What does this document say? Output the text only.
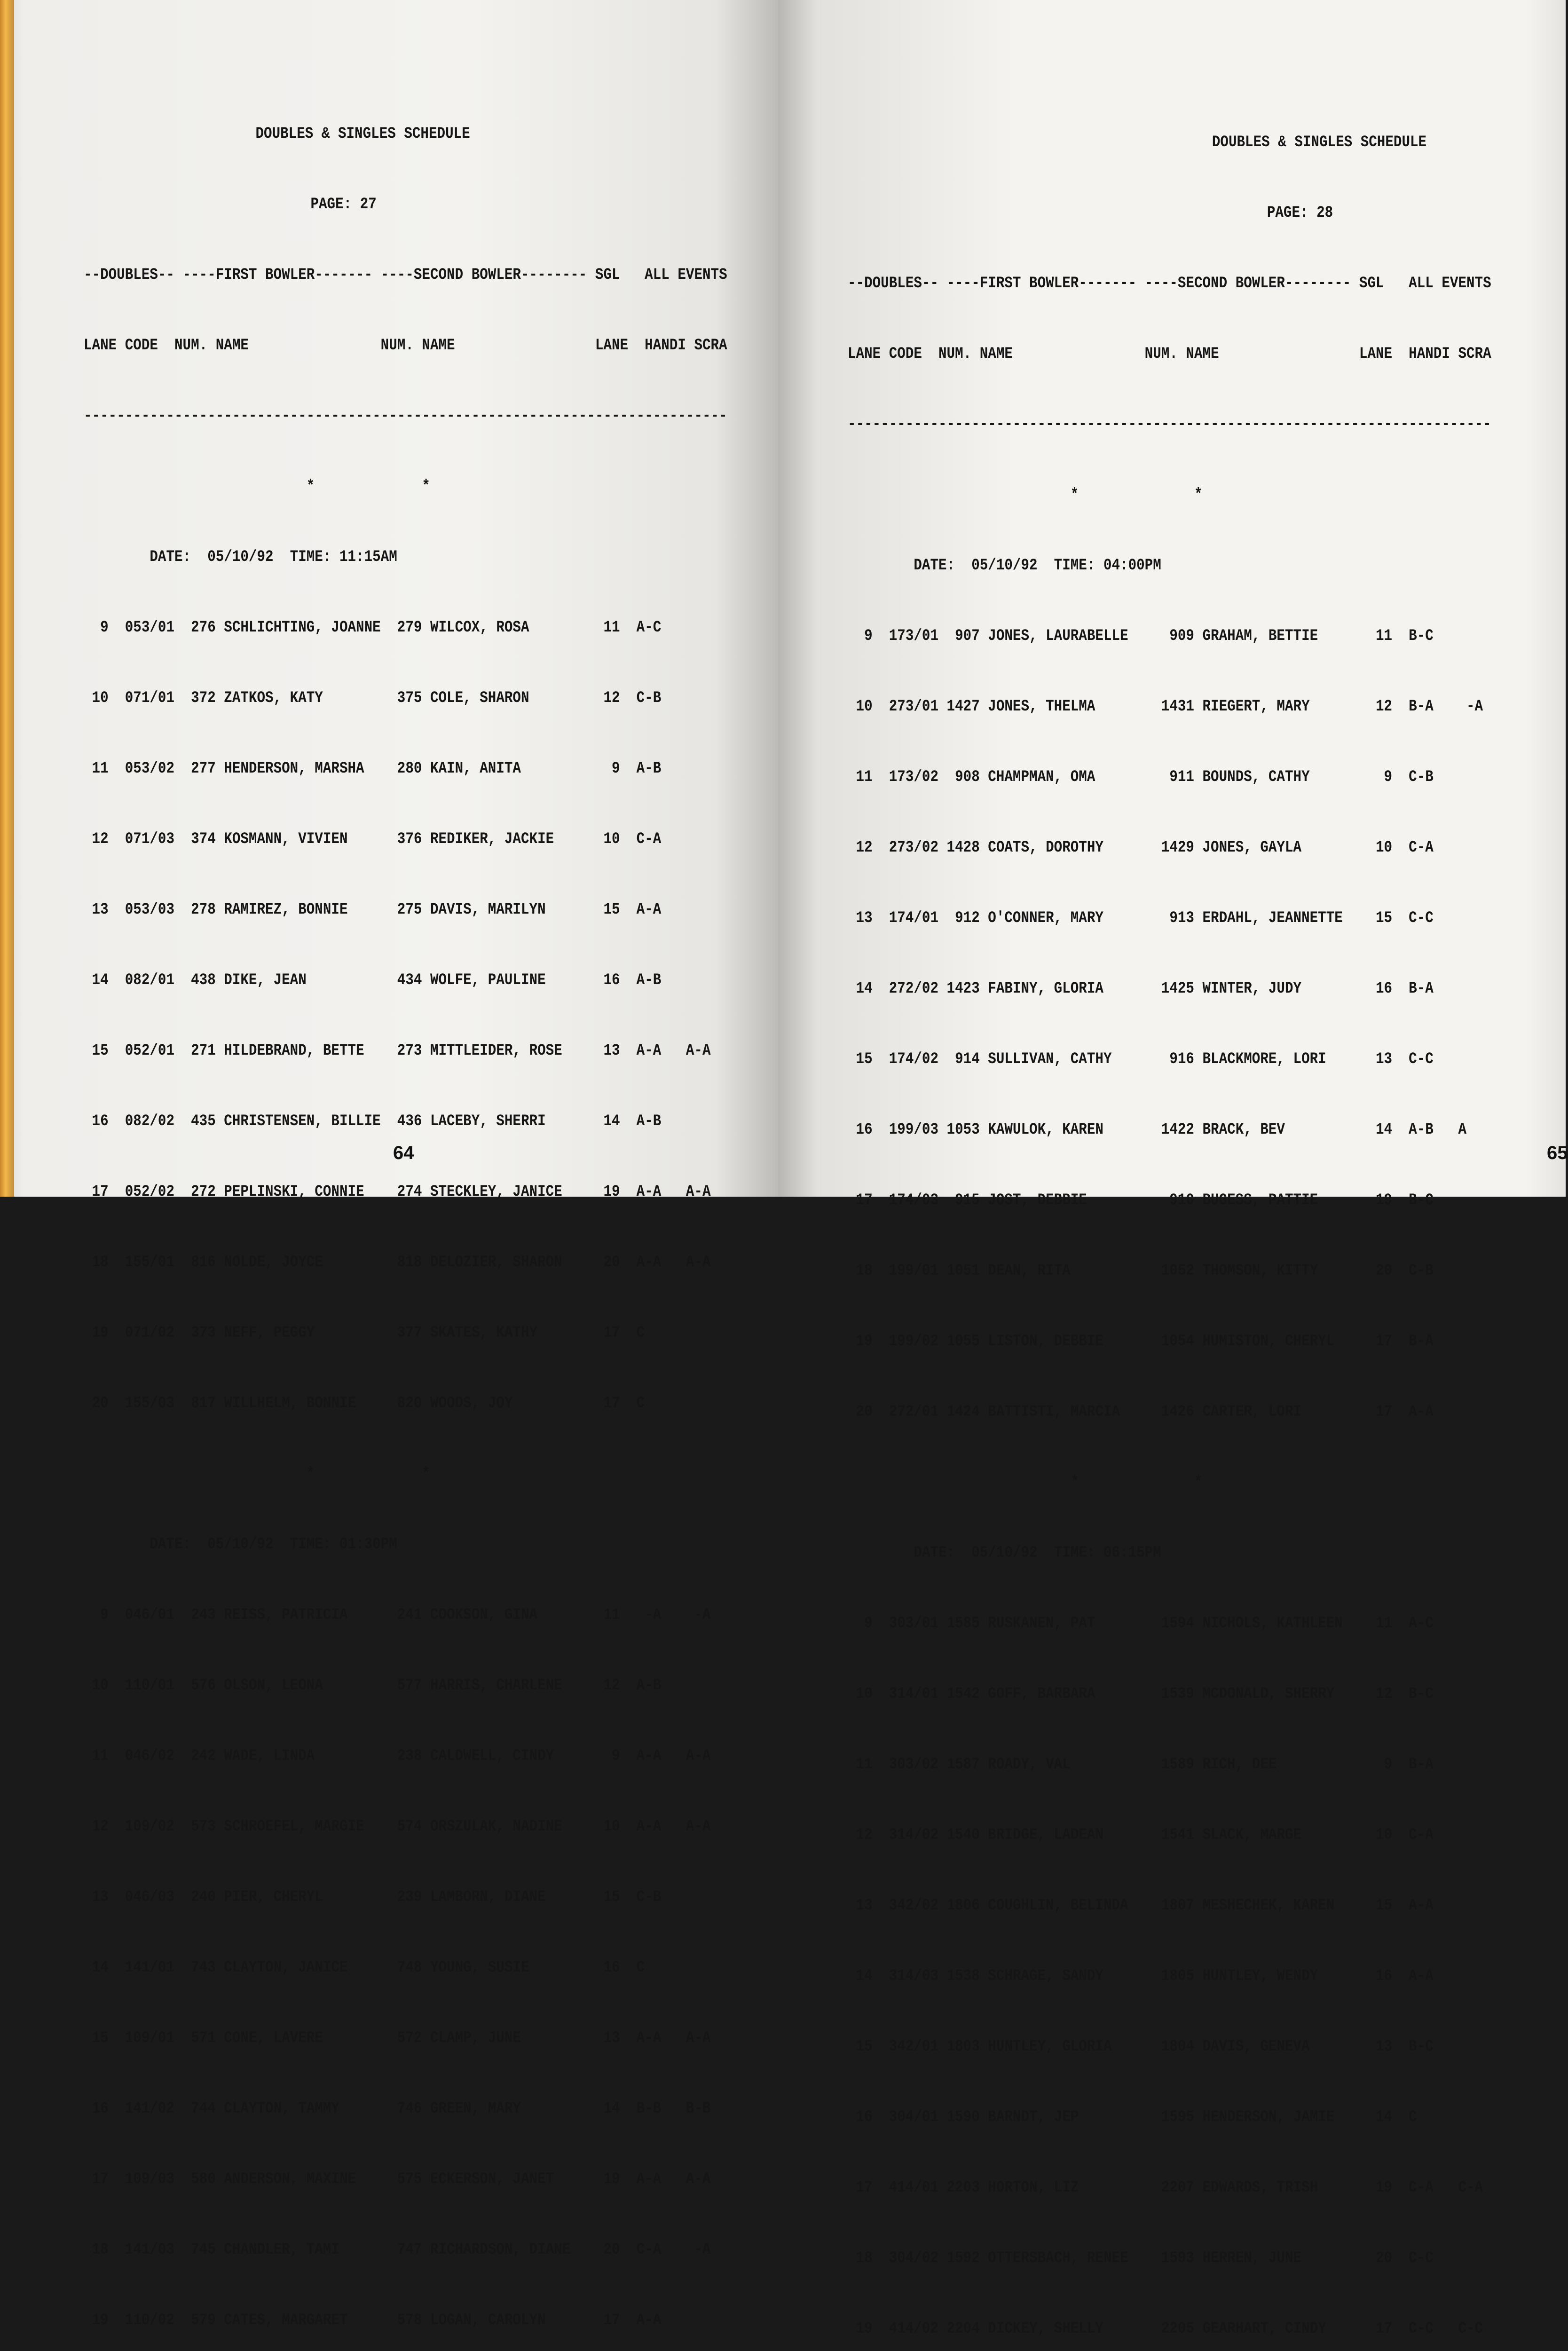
DOUBLES & SINGLES SCHEDULE

PAGE: 27

--DOUBLES-- ----FIRST BOWLER------- ----SECOND BOWLER-------- SGL   ALL EVENTS

LANE CODE  NUM. NAME                NUM. NAME                 LANE  HANDI SCRA

------------------------------------------------------------------------------

*             *

DATE:  05/10/92  TIME: 11:15AM

9  053/01  276 SCHLICHTING, JOANNE  279 WILCOX, ROSA         11  A-C

10  071/01  372 ZATKOS, KATY         375 COLE, SHARON         12  C-B

11  053/02  277 HENDERSON, MARSHA    280 KAIN, ANITA           9  A-B

12  071/03  374 KOSMANN, VIVIEN      376 REDIKER, JACKIE      10  C-A

13  053/03  278 RAMIREZ, BONNIE      275 DAVIS, MARILYN       15  A-A

14  082/01  438 DIKE, JEAN           434 WOLFE, PAULINE       16  A-B

15  052/01  271 HILDEBRAND, BETTE    273 MITTLEIDER, ROSE     13  A-A   A-A

16  082/02  435 CHRISTENSEN, BILLIE  436 LACEBY, SHERRI       14  A-B

17  052/02  272 PEPLINSKI, CONNIE    274 STECKLEY, JANICE     19  A-A   A-A

18  155/01  816 NOLDE, JOYCE         818 DELOZIER, SHARON     20  A-A   A-A

19  071/02  373 NEFF, PEGGY          377 SKATES, KATHY        17  C

20  155/03  817 WILLHELM, BONNIE     820 WOODS, JOY           17  C

*             *

DATE:  05/10/92  TIME: 01:30PM

9  046/01  243 REISS, PATRICIA      241 COOKSON, GINA        11   -A    -A

10  110/01  576 OLSON, LEONA         577 HARRIS, CHARLENE     12  A-B

11  046/02  242 WADE, LINDA          238 CALDWELL, CINDY       9  A-A   A-A

12  109/02  573 SCHROEFEL, MARGIE    574 ORSZULAK, NADINE     10  A-A   A-A

13  046/03  240 PIER, CHERYL         239 LAMBORN, DIANE       15  C-B

14  141/01  743 CLAYTON, JANICE      748 YOUNG, SUSIE         16  C

15  109/01  571 CONE, LAVERE         572 CLAMP, JUNE          13  A-A   A-A

16  141/02  744 CLAYTON, TAMMY       746 GREEN, MARY          14  B-B   B-B

17  109/03  580 ANDERSON, MAXINE     575 ECKERSON, JANET      19  A-A   A-A

18  141/03  745 CHANDLER, TAMI       747 RICHARDSON, DIANE    20  C-A    -A

19  110/02  579 CATES, MARGARET      578 LOGAN, CAROLYN       17  A-A

64

DOUBLES & SINGLES SCHEDULE

PAGE: 28

--DOUBLES-- ----FIRST BOWLER------- ----SECOND BOWLER-------- SGL   ALL EVENTS

LANE CODE  NUM. NAME                NUM. NAME                 LANE  HANDI SCRA

------------------------------------------------------------------------------

*              *

DATE:  05/10/92  TIME: 04:00PM

9  173/01  907 JONES, LAURABELLE     909 GRAHAM, BETTIE       11  B-C

10  273/01 1427 JONES, THELMA        1431 RIEGERT, MARY        12  B-A    -A

11  173/02  908 CHAMPMAN, OMA         911 BOUNDS, CATHY         9  C-B

12  273/02 1428 COATS, DOROTHY       1429 JONES, GAYLA         10  C-A

13  174/01  912 O'CONNER, MARY        913 ERDAHL, JEANNETTE    15  C-C

14  272/02 1423 FABINY, GLORIA       1425 WINTER, JUDY         16  B-A

15  174/02  914 SULLIVAN, CATHY       916 BLACKMORE, LORI      13  C-C

16  199/03 1053 KAWULOK, KAREN       1422 BRACK, BEV           14  A-B   A

17  174/03  915 JOST, DEBBIE          910 BUGESS, PATTIE       19  B-C

18  199/01 1051 DEAN, RITA           1052 THOMSON, KITTY       20  C-B

19  199/02 1055 LISTON, DEBBIE       1054 HUMISTON, CHERYL     17  B-A

20  272/01 1424 BATTISTI, MARCIA     1426 CARTER, LORI         17  A-A

*              *

DATE:  05/10/92  TIME: 06:15PM

9  303/01 1585 RUSKANEN, PAT        1594 NICHOLS, KATHLEEN    11  A-C

10  314/01 1542 GOFF, BARBARA        1539 MCDONALD, SHERRY     12  B-C

11  303/02 1587 ROADY, VAL           1589 RICH, DEE             9  B-A

12  314/02 1540 BRIDGE, LADEAN       1541 SLACK, MARGE         10  C-A

13  342/02 1806 COUGHLIN, BELINDA    1807 MESHECHEK, KAREN     15  A-A

14  314/03 1538 SCHRAGE, SANDY       1805 HUNTLEY, WENDY       16  A-A

15  342/01 1803 HUNTLEY, GLORIA      1804 DAVIS, GENEVA        13  B-C

16  304/01 1590 BARNDT, JEP          1595 HENDERSON, JAMIE     14  C

17  414/01 2203 HORTON, LIZ          2207 EDWARDS, TRISH       19  C-A   C-A

18  304/02 1592 OTTERSBACH, RENEE    1593 HERREN, JUNE         20  C-C

19  414/02 2204 DICKEY, SHELLY       2205 GEARHART, CINDY      17  C-C   C-C

65
